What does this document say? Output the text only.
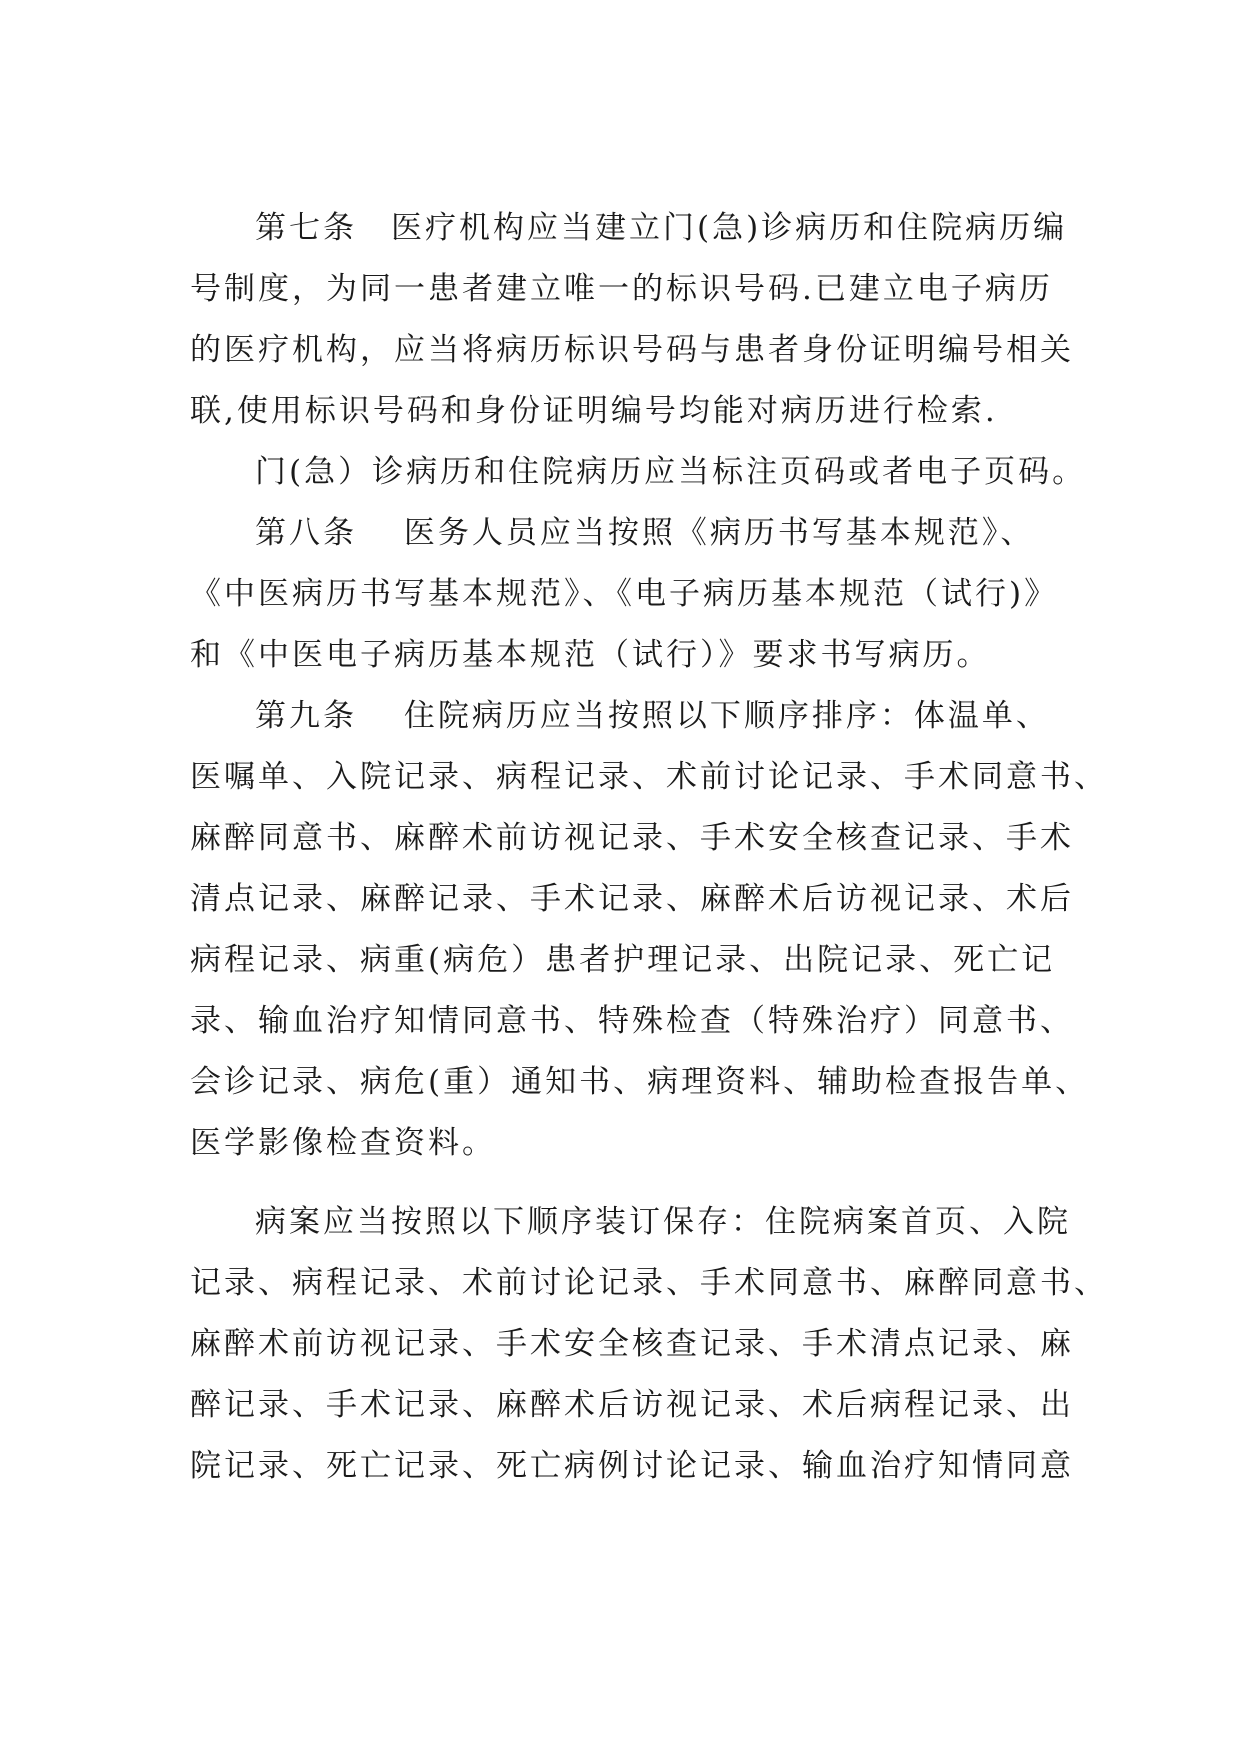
第七条　医疗机构应当建立门(急)诊病历和住院病历编
号制度，为同一患者建立唯一的标识号码.已建立电子病历
的医疗机构，应当将病历标识号码与患者身份证明编号相关
联,使用标识号码和身份证明编号均能对病历进行检索.
门(急）诊病历和住院病历应当标注页码或者电子页码。
第八条　 医务人员应当按照《病历书写基本规范》、
《中医病历书写基本规范》、《电子病历基本规范（试行)》
和《中医电子病历基本规范（试行）》要求书写病历。
第九条　 住院病历应当按照以下顺序排序：体温单、
医嘱单、入院记录、病程记录、术前讨论记录、手术同意书、
麻醉同意书、麻醉术前访视记录、手术安全核查记录、手术
清点记录、麻醉记录、手术记录、麻醉术后访视记录、术后
病程记录、病重(病危）患者护理记录、出院记录、死亡记
录、输血治疗知情同意书、特殊检查（特殊治疗）同意书、
会诊记录、病危(重）通知书、病理资料、辅助检查报告单、
医学影像检查资料。
病案应当按照以下顺序装订保存：住院病案首页、入院
记录、病程记录、术前讨论记录、手术同意书、麻醉同意书、
麻醉术前访视记录、手术安全核查记录、手术清点记录、麻
醉记录、手术记录、麻醉术后访视记录、术后病程记录、出
院记录、死亡记录、死亡病例讨论记录、输血治疗知情同意
